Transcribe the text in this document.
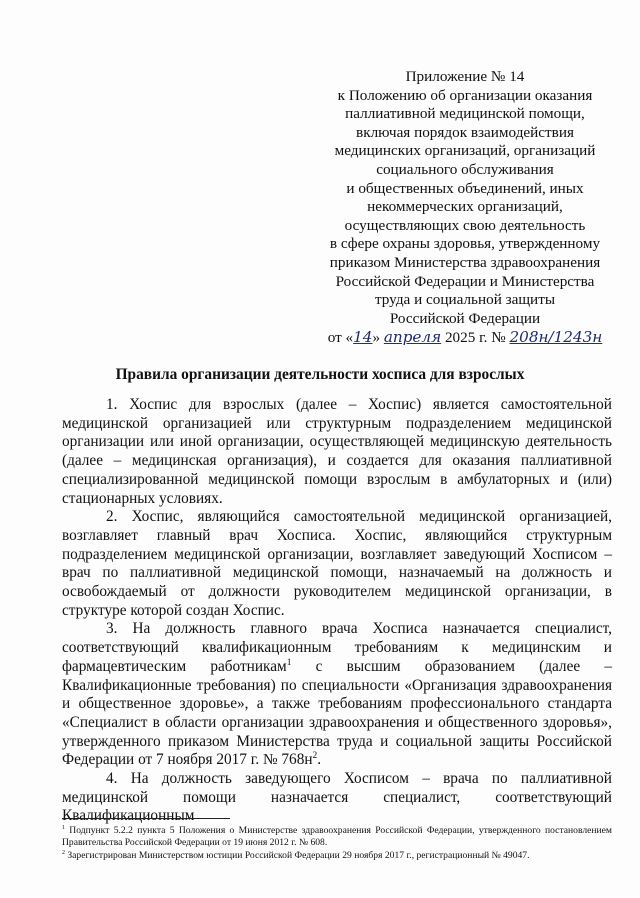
Приложение № 14
к Положению об организации оказания
паллиативной медицинской помощи,
включая порядок взаимодействия
медицинских организаций, организаций
социального обслуживания
и общественных объединений, иных
некоммерческих организаций,
осуществляющих свою деятельность
в сфере охраны здоровья, утвержденному
приказом Министерства здравоохранения
Российской Федерации и Министерства
труда и социальной защиты
Российской Федерации
от «14» апреля 2025 г. № 208н/1243н
Правила организации деятельности хосписа для взрослых

1. Хоспис для взрослых (далее – Хоспис) является самостоятельной медицинской организацией или структурным подразделением медицинской организации или иной организации, осуществляющей медицинскую деятельность (далее – медицинская организация), и создается для оказания паллиативной специализированной медицинской помощи взрослым в амбулаторных и (или) стационарных условиях.

2. Хоспис, являющийся самостоятельной медицинской организацией, возглавляет главный врач Хосписа. Хоспис, являющийся структурным подразделением медицинской организации, возглавляет заведующий Хосписом – врач по паллиативной медицинской помощи, назначаемый на должность и освобождаемый от должности руководителем медицинской организации, в структуре которой создан Хоспис.

3. На должность главного врача Хосписа назначается специалист, соответствующий квалификационным требованиям к медицинским и фармацевтическим работникам$^1$ с высшим образованием (далее – Квалификационные требования) по специальности «Организация здравоохранения и общественное здоровье», а также требованиям профессионального стандарта «Специалист в области организации здравоохранения и общественного здоровья», утвержденного приказом Министерства труда и социальной защиты Российской Федерации от 7 ноября 2017 г. № $768н^2$.

4. На должность заведующего Хосписом – врача по паллиативной медицинской помощи назначается специалист, соответствующий Квалификационным

$^1$ Подпункт 5.2.2 пункта 5 Положения о Министерстве здравоохранения Российской Федерации, утвержденного постановлением Правительства Российской Федерации от 19 июня 2012 г. № 608.

$^2$ Зарегистрирован Министерством юстиции Российской Федерации 29 ноября 2017 г., регистрационный № 49047.
